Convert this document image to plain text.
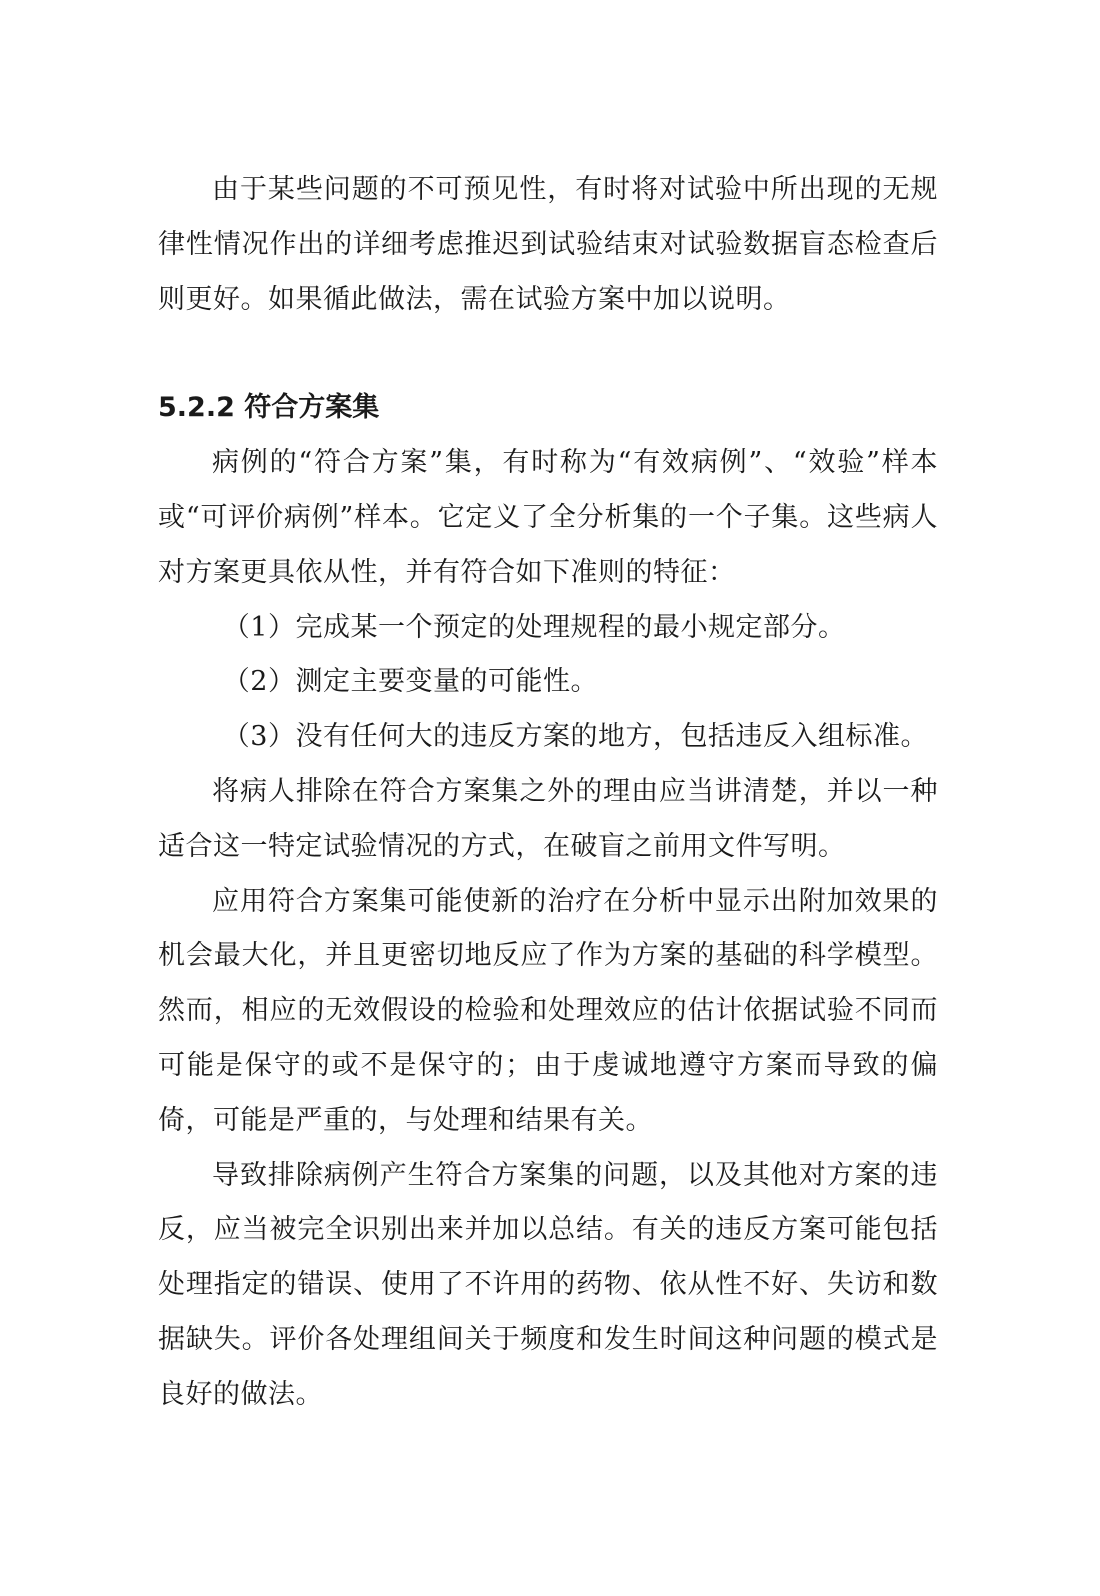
由于某些问题的不可预见性，有时将对试验中所出现的无规律性情况作出的详细考虑推迟到试验结束对试验数据盲态检查后则更好。如果循此做法，需在试验方案中加以说明。

5.2.2 符合方案集

病例的“符合方案”集，有时称为“有效病例”、“效验”样本或“可评价病例”样本。它定义了全分析集的一个子集。这些病人对方案更具依从性，并有符合如下准则的特征：

（1）完成某一个预定的处理规程的最小规定部分。

（2）测定主要变量的可能性。

（3）没有任何大的违反方案的地方，包括违反入组标准。

将病人排除在符合方案集之外的理由应当讲清楚，并以一种适合这一特定试验情况的方式，在破盲之前用文件写明。

应用符合方案集可能使新的治疗在分析中显示出附加效果的机会最大化，并且更密切地反应了作为方案的基础的科学模型。然而，相应的无效假设的检验和处理效应的估计依据试验不同而可能是保守的或不是保守的；由于虔诚地遵守方案而导致的偏倚，可能是严重的，与处理和结果有关。

导致排除病例产生符合方案集的问题，以及其他对方案的违反，应当被完全识别出来并加以总结。有关的违反方案可能包括处理指定的错误、使用了不许用的药物、依从性不好、失访和数据缺失。评价各处理组间关于频度和发生时间这种问题的模式是良好的做法。
